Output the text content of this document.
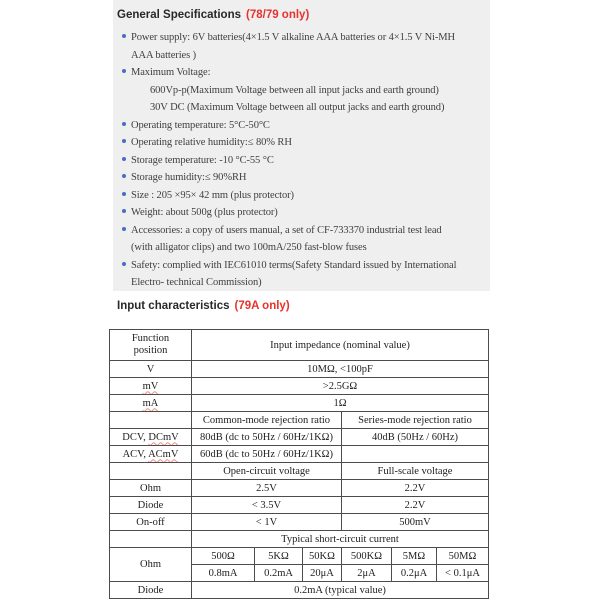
General Specifications (78/79 only)
Power supply: 6V batteries(4×1.5 V alkaline AAA batteries or 4×1.5 V Ni-MH
AAA batteries )
Maximum Voltage:
600Vp-p(Maximum Voltage between all input jacks and earth ground)
30V DC (Maximum Voltage between all output jacks and earth ground)
Operating temperature: 5°C-50°C
Operating relative humidity:≤ 80% RH
Storage temperature: -10 °C-55 °C
Storage humidity:≤ 90%RH
Size : 205 ×95× 42 mm (plus protector)
Weight: about 500g (plus protector)
Accessories: a copy of users manual, a set of CF-733370 industrial test lead
(with alligator clips) and two 100mA/250 fast-blow fuses
Safety: complied with IEC61010 terms(Safety Standard issued by International
Electro- technical Commission)
Input characteristics (79A only)
Function
position	Input impedance (nominal value)					
V	10MΩ, <100pF					
mV	>2.5GΩ					
mA	1Ω					
	Common-mode rejection ratio			Series-mode rejection ratio		
DCV, DCmV	80dB (dc to 50Hz / 60Hz/1KΩ)			40dB (50Hz / 60Hz)		
ACV, ACmV	60dB (dc to 50Hz / 60Hz/1KΩ)					
	Open-circuit voltage			Full-scale voltage		
Ohm	2.5V			2.2V		
Diode	< 3.5V			2.2V		
On-off	< 1V			500mV		
	Typical short-circuit current					
Ohm	500Ω	5KΩ	50KΩ	500KΩ	5MΩ	50MΩ
	0.8mA	0.2mA	20μA	2μA	0.2μA	< 0.1μA
Diode	0.2mA (typical value)					
